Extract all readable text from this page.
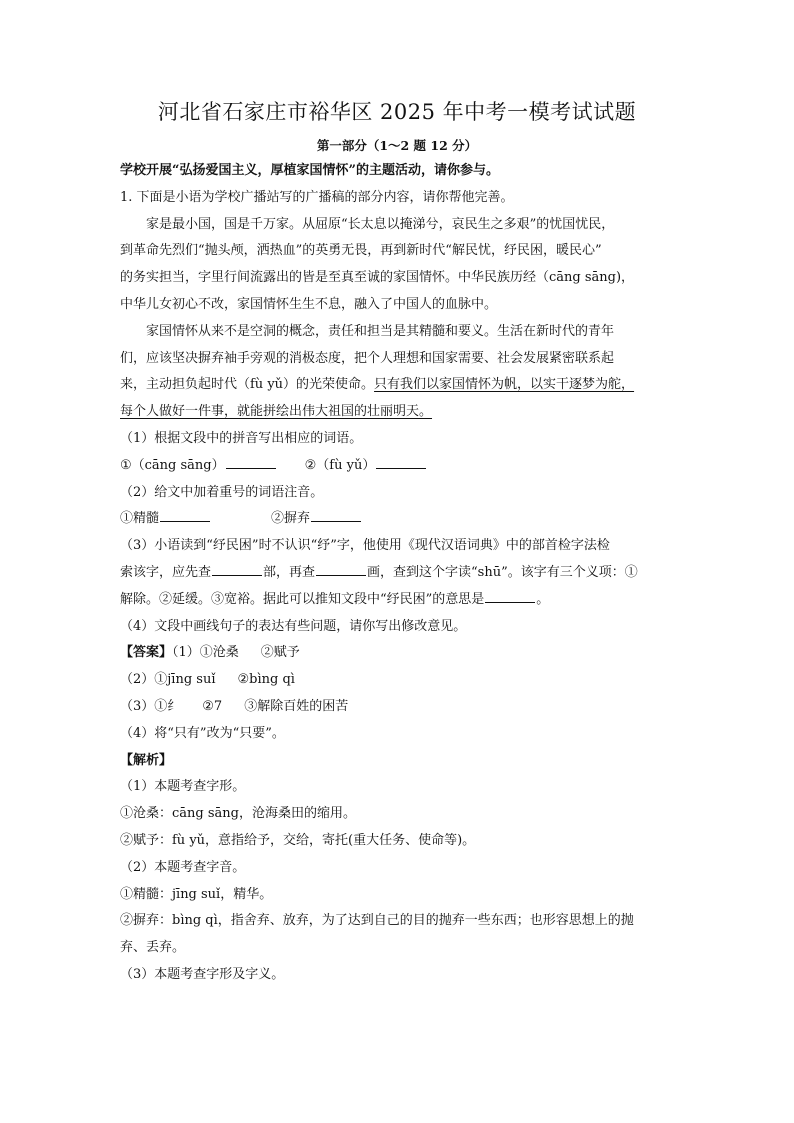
河北省石家庄市裕华区 2025 年中考一模考试试题
第一部分（1～2 题 12 分）
学校开展“弘扬爱国主义，厚植家国情怀”的主题活动，请你参与。
1. 下面是小语为学校广播站写的广播稿的部分内容，请你帮他完善。
家是最小国，国是千万家。从屈原“长太息以掩涕兮，哀民生之多艰”的忧国忧民，
到革命先烈们“抛头颅，洒热血”的英勇无畏，再到新时代“解民忧，纾民困，暖民心”
的务实担当，字里行间流露出的皆是至真至诚的家国情怀。中华民族历经（cāng sāng)，
中华儿女初心不改，家国情怀生生不息，融入了中国人的血脉中。
家国情怀从来不是空洞的概念，责任和担当是其精髓和要义。生活在新时代的青年
们，应该坚决摒弃袖手旁观的消极态度，把个人理想和国家需要、社会发展紧密联系起
来，主动担负起时代（fù yǔ）的光荣使命。只有我们以家国情怀为帆，以实干逐梦为舵，
每个人做好一件事，就能拼绘出伟大祖国的壮丽明天。
（1）根据文段中的拼音写出相应的词语。
①（cāng sāng）	②（fù yǔ）
（2）给文中加着重号的词语注音。
①精髓	②摒弃
（3）小语读到“纾民困”时不认识“纾”字，他使用《现代汉语词典》中的部首检字法检
索该字，应先查	部，再查	画，查到这个字读“shū”。该字有三个义项：①
解除。②延缓。③宽裕。据此可以推知文段中“纾民困”的意思是	。
（4）文段中画线句子的表达有些问题，请你写出修改意见。
【答案】（1）①沧桑 ②赋予
（2）①jīng suǐ ②bìng qì
（3）①纟 ②7 ③解除百姓的困苦
（4）将“只有”改为“只要”。
【解析】
（1）本题考查字形。
①沧桑：cāng sāng，沧海桑田的缩用。
②赋予：fù yǔ，意指给予，交给，寄托(重大任务、使命等)。
（2）本题考查字音。
①精髓：jīng suǐ，精华。
②摒弃：bìng qì，指舍弃、放弃，为了达到自己的目的抛弃一些东西；也形容思想上的抛
弃、丢弃。
（3）本题考查字形及字义。
